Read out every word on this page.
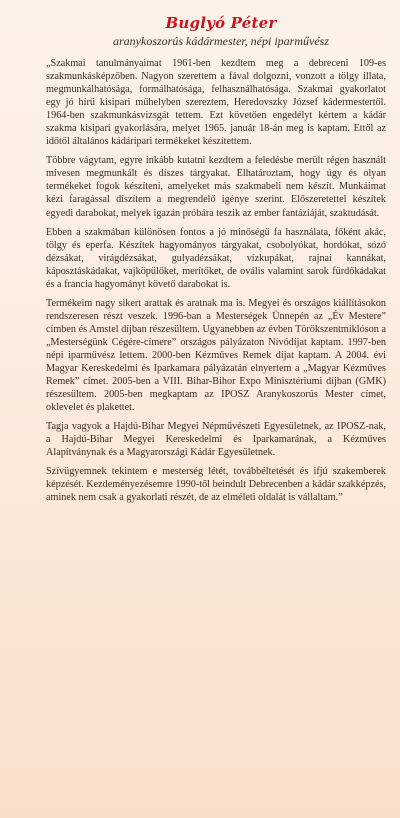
Buglyó Péter
aranykoszorús kádármester, népi iparművész

„Szakmai tanulmányaimat 1961-ben kezdtem meg a debreceni 109-es szakmunkásképzőben. Nagyon szerettem a fával dolgozni, vonzott a tölgy illata, megmunkálhatósága, formálhatósága, felhasználhatósága. Szakmai gyakorlatot egy jó hírű kisipari műhelyben szereztem, Heredovszky József kádermestertől. 1964-ben szakmunkásvizsgát tettem. Ezt követően engedélyt kértem a kádár szakma kisipari gyakorlására, melyet 1965. január 18-án meg is kaptam. Ettől az időtől általános kádáripari termékeket készítettem.

Többre vágytam, egyre inkább kutatni kezdtem a feledésbe merült régen használt mívesen megmunkált és díszes tárgyakat. Elhatároztam, hogy úgy és olyan termékeket fogok készíteni, amelyeket más szakmabeli nem készít. Munkáimat kézi faragással díszítem a megrendelő igénye szerint. Előszeretettel készítek egyedi darabokat, melyek igazán próbára teszik az ember fantáziáját, szaktudását.

Ebben a szakmában különösen fontos a jó minőségű fa használata, főként akác, tölgy és eperfa. Készítek hagyományos tárgyakat, csobolyókat, hordókat, sózó dézsákat, virágdézsákat, gulyadézsákat, vízkupákat, rajnai kannákat, káposztáskádakat, vajköpülőket, merítőket, de ovális valamint sarok fürdőkádakat és a francia hagyományt követő darabokat is.

Termékeim nagy sikert arattak és aratnak ma is. Megyei és országos kiállításokon rendszeresen részt veszek. 1996-ban a Mesterségek Ünnepén az „Év Mestere” címben és Amstel díjban részesültem. Ugyanebben az évben Törökszentmiklóson a „Mesterségünk Cégére-címere” országos pályázaton Nívódíjat kaptam. 1997-ben népi iparművész lettem. 2000-ben Kézműves Remek díjat kaptam. A 2004. évi Magyar Kereskedelmi és Iparkamara pályázatán elnyertem a „Magyar Kézműves Remek” címet. 2005-ben a VIII. Bihar-Bihor Expo Minisztériumi díjban (GMK) részesültem. 2005-ben megkaptam az IPOSZ Aranykoszorús Mester címet, oklevelet és plakettet.

Tagja vagyok a Hajdú-Bihar Megyei Népművészeti Egyesületnek, az IPOSZ-nak, a Hajdú-Bihar Megyei Kereskedelmi és Iparkamarának, a Kézműves Alapítványnak és a Magyarországi Kádár Egyesületnek.

Szívügyemnek tekintem e mesterség létét, továbbéltetését és ifjú szakemberek képzését. Kezdeményezésemre 1990-től beindult Debrecenben a kádár szakképzés, aminek nem csak a gyakorlati részét, de az elméleti oldalát is vállaltam.”
